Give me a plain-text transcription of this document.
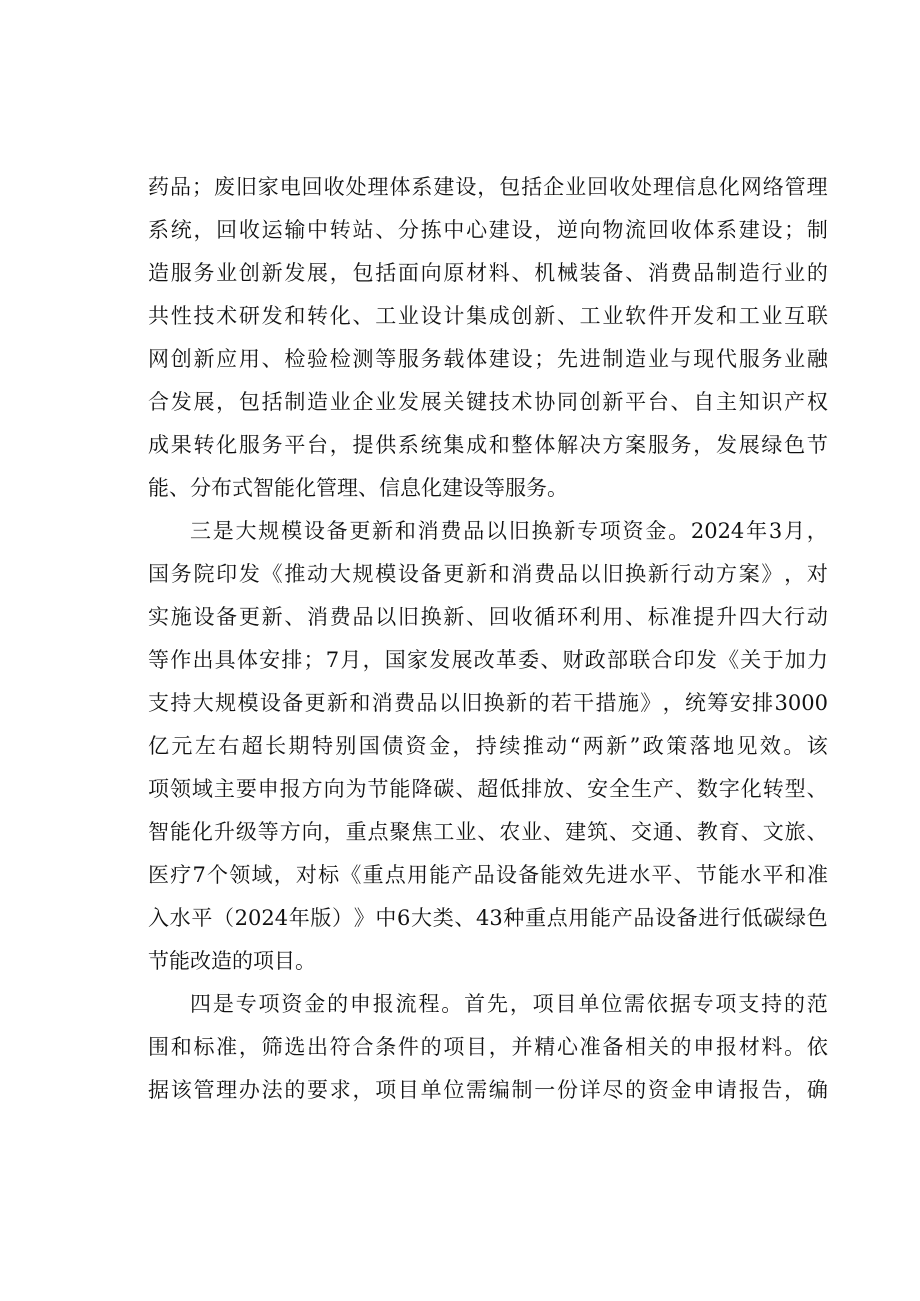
药 品 ； 废 旧 家 电 回 收 处 理 体 系 建 设 ， 包 括 企 业 回 收 处 理 信 息 化 网 络 管 理
系 统 ， 回 收 运 输 中 转 站 、 分 拣 中 心 建 设 ， 逆 向 物 流 回 收 体 系 建 设 ； 制
造 服 务 业 创 新 发 展 ， 包 括 面 向 原 材 料 、 机 械 装 备 、 消 费 品 制 造 行 业 的
共 性 技 术 研 发 和 转 化 、 工 业 设 计 集 成 创 新 、 工 业 软 件 开 发 和 工 业 互 联
网 创 新 应 用 、 检 验 检 测 等 服 务 载 体 建 设 ； 先 进 制 造 业 与 现 代 服 务 业 融
合 发 展 ， 包 括 制 造 业 企 业 发 展 关 键 技 术 协 同 创 新 平 台 、 自 主 知 识 产 权
成 果 转 化 服 务 平 台 ， 提 供 系 统 集 成 和 整 体 解 决 方 案 服 务 ， 发 展 绿 色 节
能 、 分 布 式 智 能 化 管 理 、 信 息 化 建 设 等 服 务 。
三 是 大 规 模 设 备 更 新 和 消 费 品 以 旧 换 新 专 项 资 金 。 2024 年 3 月 ，
国 务 院 印 发 《 推 动 大 规 模 设 备 更 新 和 消 费 品 以 旧 换 新 行 动 方 案 》 ， 对
实 施 设 备 更 新 、 消 费 品 以 旧 换 新 、 回 收 循 环 利 用 、 标 准 提 升 四 大 行 动
等 作 出 具 体 安 排 ； 7 月 ， 国 家 发 展 改 革 委 、 财 政 部 联 合 印 发 《 关 于 加 力
支 持 大 规 模 设 备 更 新 和 消 费 品 以 旧 换 新 的 若 干 措 施 》 ， 统 筹 安 排 3000
亿 元 左 右 超 长 期 特 别 国 债 资 金 ， 持 续 推 动 “ 两 新 ” 政 策 落 地 见 效 。 该
项 领 域 主 要 申 报 方 向 为 节 能 降 碳 、 超 低 排 放 、 安 全 生 产 、 数 字 化 转 型 、
智 能 化 升 级 等 方 向 ， 重 点 聚 焦 工 业 、 农 业 、 建 筑 、 交 通 、 教 育 、 文 旅 、
医 疗 7 个 领 域 ， 对 标 《 重 点 用 能 产 品 设 备 能 效 先 进 水 平 、 节 能 水 平 和 准
入 水 平 （ 2024 年 版 ） 》 中 6 大 类 、 43 种 重 点 用 能 产 品 设 备 进 行 低 碳 绿 色
节 能 改 造 的 项 目 。
四 是 专 项 资 金 的 申 报 流 程 。 首 先 ， 项 目 单 位 需 依 据 专 项 支 持 的 范
围 和 标 准 ， 筛 选 出 符 合 条 件 的 项 目 ， 并 精 心 准 备 相 关 的 申 报 材 料 。 依
据 该 管 理 办 法 的 要 求 ， 项 目 单 位 需 编 制 一 份 详 尽 的 资 金 申 请 报 告 ， 确
